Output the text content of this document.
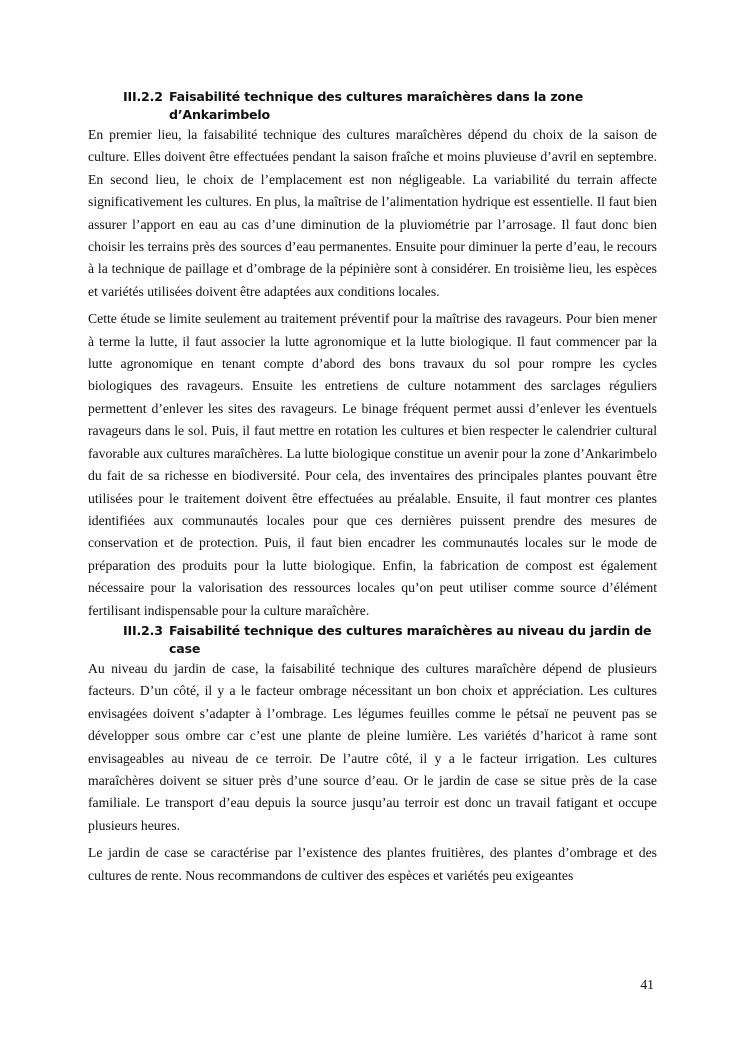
III.2.2 Faisabilité technique des cultures maraîchères dans la zone d’Ankarimbelo

En premier lieu, la faisabilité technique des cultures maraîchères dépend du choix de la saison de culture. Elles doivent être effectuées pendant la saison fraîche et moins pluvieuse d’avril en septembre. En second lieu, le choix de l’emplacement est non négligeable. La variabilité du terrain affecte significativement les cultures. En plus, la maîtrise de l’alimentation hydrique est essentielle. Il faut bien assurer l’apport en eau au cas d’une diminution de la pluviométrie par l’arrosage. Il faut donc bien choisir les terrains près des sources d’eau permanentes. Ensuite pour diminuer la perte d’eau, le recours à la technique de paillage et d’ombrage de la pépinière sont à considérer. En troisième lieu, les espèces et variétés utilisées doivent être adaptées aux conditions locales.

Cette étude se limite seulement au traitement préventif pour la maîtrise des ravageurs. Pour bien mener à terme la lutte, il faut associer la lutte agronomique et la lutte biologique. Il faut commencer par la lutte agronomique en tenant compte d’abord des bons travaux du sol pour rompre les cycles biologiques des ravageurs. Ensuite les entretiens de culture notamment des sarclages réguliers permettent d’enlever les sites des ravageurs. Le binage fréquent permet aussi d’enlever les éventuels ravageurs dans le sol. Puis, il faut mettre en rotation les cultures et bien respecter le calendrier cultural favorable aux cultures maraîchères. La lutte biologique constitue un avenir pour la zone d’Ankarimbelo du fait de sa richesse en biodiversité. Pour cela, des inventaires des principales plantes pouvant être utilisées pour le traitement doivent être effectuées au préalable. Ensuite, il faut montrer ces plantes identifiées aux communautés locales pour que ces dernières puissent prendre des mesures de conservation et de protection. Puis, il faut bien encadrer les communautés locales sur le mode de préparation des produits pour la lutte biologique. Enfin, la fabrication de compost est également nécessaire pour la valorisation des ressources locales qu’on peut utiliser comme source d’élément fertilisant indispensable pour la culture maraîchère.

III.2.3 Faisabilité technique des cultures maraîchères au niveau du jardin de case

Au niveau du jardin de case, la faisabilité technique des cultures maraîchère dépend de plusieurs facteurs. D’un côté, il y a le facteur ombrage nécessitant un bon choix et appréciation. Les cultures envisagées doivent s’adapter à l’ombrage. Les légumes feuilles comme le pétsaï ne peuvent pas se développer sous ombre car c’est une plante de pleine lumière. Les variétés d’haricot à rame sont envisageables au niveau de ce terroir. De l’autre côté, il y a le facteur irrigation. Les cultures maraîchères doivent se situer près d’une source d’eau. Or le jardin de case se situe près de la case familiale. Le transport d’eau depuis la source jusqu’au terroir est donc un travail fatigant et occupe plusieurs heures.

Le jardin de case se caractérise par l’existence des plantes fruitières, des plantes d’ombrage et des cultures de rente. Nous recommandons de cultiver des espèces et variétés peu exigeantes

41
